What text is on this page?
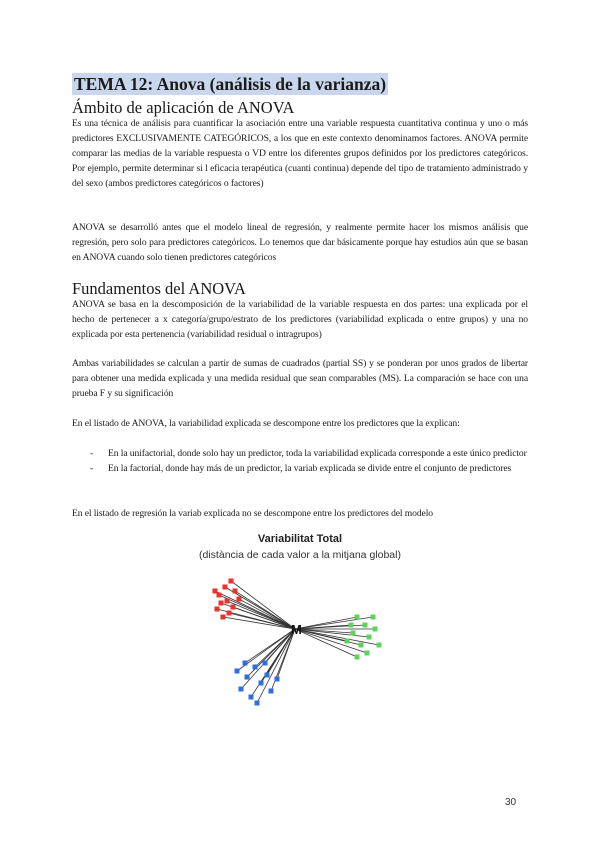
TEMA 12: Anova (análisis de la varianza)
Ámbito de aplicación de ANOVA
Es una técnica de análisis para cuantificar la asociación entre una variable respuesta cuantitativa continua y uno o más predictores EXCLUSIVAMENTE CATEGÓRICOS, a los que en este contexto denominamos factores. ANOVA permite comparar las medias de la variable respuesta o VD entre los diferentes grupos definidos por los predictores categóricos. Por ejemplo, permite determinar si l eficacia terapéutica (cuanti continua) depende del tipo de tratamiento administrado y del sexo (ambos predictores categóricos o factores)
ANOVA se desarrolló antes que el modelo lineal de regresión, y realmente permite hacer los mismos análisis que regresión, pero solo para predictores categóricos. Lo tenemos que dar básicamente porque hay estudios aún que se basan en ANOVA cuando solo tienen predictores categóricos
Fundamentos del ANOVA
ANOVA se basa en la descomposición de la variabilidad de la variable respuesta en dos partes: una explicada por el hecho de pertenecer a x categoría/grupo/estrato de los predictores (variabilidad explicada o entre grupos) y una no explicada por esta pertenencia (variabilidad residual o intragrupos)
Ambas variabilidades se calculan a partir de sumas de cuadrados (partial SS) y se ponderan por unos grados de libertar para obtener una medida explicada y una medida residual que sean comparables (MS). La comparación se hace con una prueba F y su significación
En el listado de ANOVA, la variabilidad explicada se descompone entre los predictores que la explican:
- En la unifactorial, donde solo hay un predictor, toda la variabilidad explicada corresponde a este único predictor
- En la factorial, donde hay más de un predictor, la variab explicada se divide entre el conjunto de predictores
En el listado de regresión la variab explicada no se descompone entre los predictores del modelo
Variabilitat Total
(distància de cada valor a la mitjana global)
M
30
